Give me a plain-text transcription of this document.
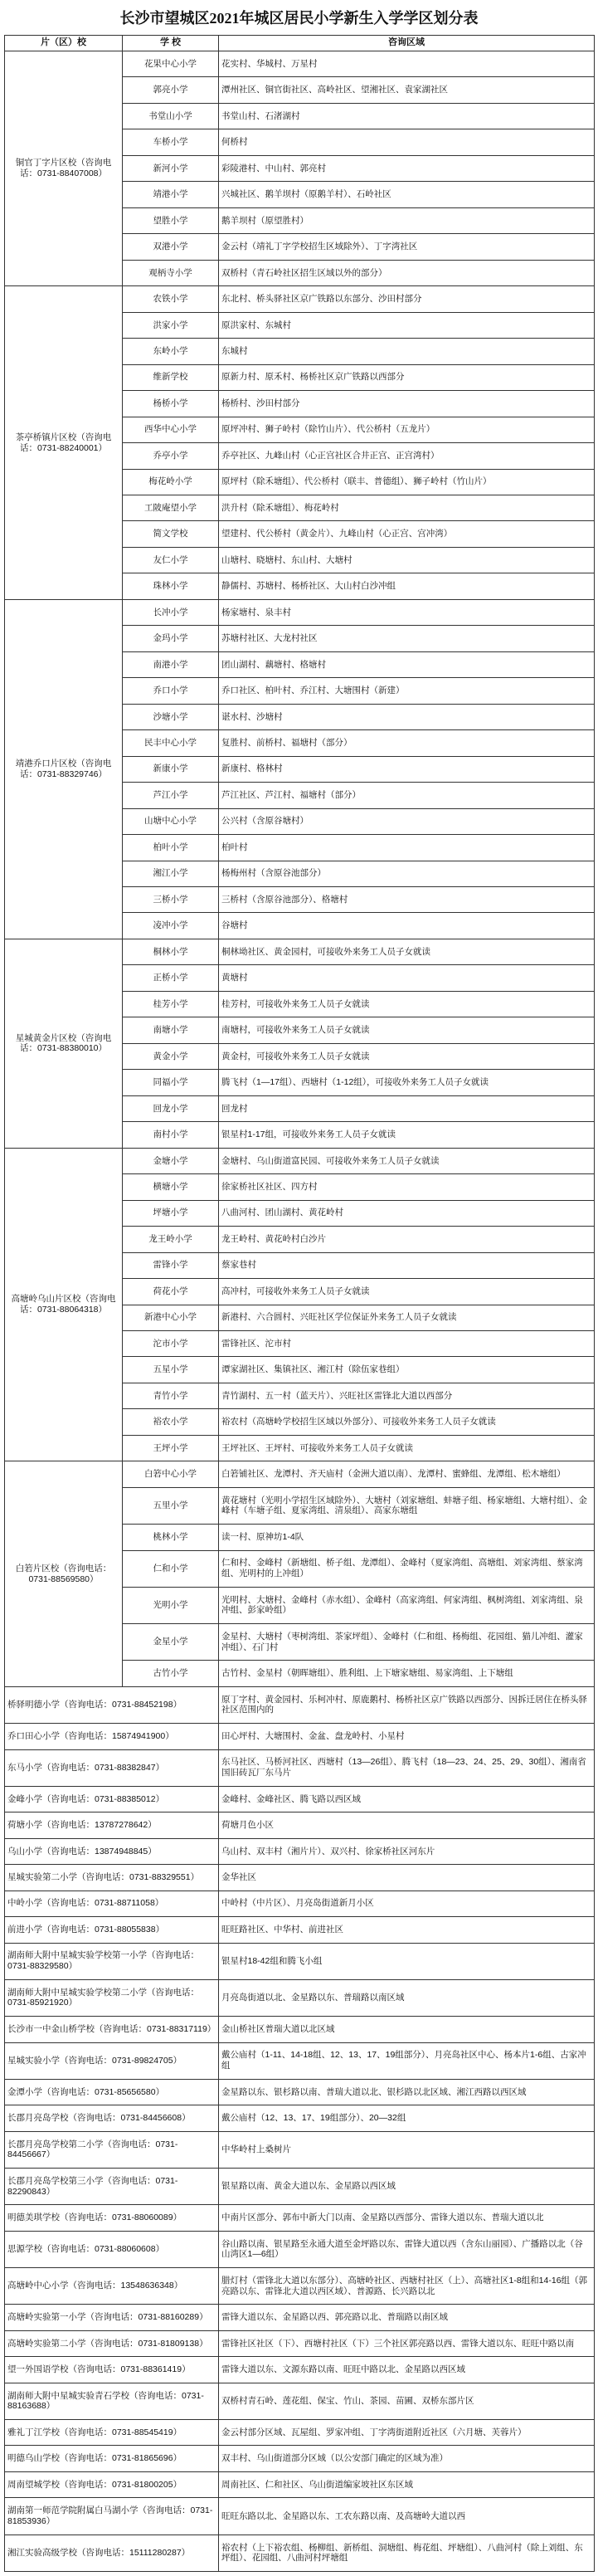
长沙市望城区2021年城区居民小学新生入学学区划分表
片（区）校	学 校	咨询区域
铜官丁字片区校（咨询电话：0731-88407008）	花果中心小学	花实村、华城村、万星村
	郭亮小学	潭州社区、铜官街社区、高岭社区、望湘社区、袁家湖社区
	书堂山小学	书堂山村、石渚湖村
	车桥小学	何桥村
	新河小学	彩陵港村、中山村、郭亮村
	靖港小学	兴城社区、鹅羊坝村（原鹅羊村）、石岭社区
	望胜小学	鹅羊坝村（原望胜村）
	双港小学	金云村（靖礼丁字学校招生区域除外）、丁字湾社区
	观柄寺小学	双桥村（青石岭社区招生区域以外的部分）
茶亭桥镇片区校（咨询电话：0731-88240001）	农铁小学	东北村、桥头驿社区京广铁路以东部分、沙田村部分
	洪家小学	原洪家村、东城村
	东岭小学	东城村
	维新学校	原新力村、原禾村、杨桥社区京广铁路以西部分
	杨桥小学	杨桥村、沙田村部分
	西华中心小学	原坪冲村、狮子岭村（除竹山片）、代公桥村（五龙片）
	乔亭小学	乔亭社区、九峰山村（心正宫社区合井正宫、正宫湾村）
	梅花岭小学	原坪村（除禾塘组）、代公桥村（联丰、普德组）、狮子岭村（竹山片）
	工陂庵望小学	洪升村（除禾塘组）、梅花岭村
	简文学校	望建村、代公桥村（黄金片）、九峰山村（心正宫、宫冲湾）
	友仁小学	山塘村、晓塘村、东山村、大塘村
	珠林小学	静儒村、苏塘村、杨桥社区、大山村白沙冲组
靖港乔口片区校（咨询电话：0731-88329746）	长冲小学	杨家塘村、泉丰村
	金玛小学	苏塘村社区、大龙村社区
	南港小学	团山湖村、藕塘村、格塘村
	乔口小学	乔口社区、柏叶村、乔江村、大塘围村（新建）
	沙塘小学	谌水村、沙塘村
	民丰中心小学	复胜村、前桥村、福塘村（部分）
	新康小学	新康村、格林村
	芦江小学	芦江社区、芦江村、福塘村（部分）
	山塘中心小学	公兴村（含原谷塘村）
	柏叶小学	柏叶村
	湘江小学	杨梅州村（含原谷池部分）
	三桥小学	三桥村（含原谷池部分）、格塘村
	凌冲小学	谷塘村
星城黄金片区校（咨询电话：0731-88380010）	桐林小学	桐林坳社区、黄金园村，可接收外来务工人员子女就读
	正桥小学	黄塘村
	桂芳小学	桂芳村，可接收外来务工人员子女就读
	南塘小学	南塘村，可接收外来务工人员子女就读
	黄金小学	黄金村，可接收外来务工人员子女就读
	同福小学	腾飞村（1—17组）、西塘村（1-12组），可接收外来务工人员子女就读
	回龙小学	回龙村
	南村小学	银星村1-17组，可接收外来务工人员子女就读
高塘岭乌山片区校（咨询电话：0731-88064318）	金塘小学	金塘村、乌山街道富民园、可接收外来务工人员子女就读
	横塘小学	徐家桥社区社区、四方村
	坪塘小学	八曲河村、团山湖村、黄花岭村
	龙王岭小学	龙王岭村、黄花岭村白沙片
	雷锋小学	蔡家巷村
	荷花小学	高冲村，可接收外来务工人员子女就读
	新港中心小学	新港村、六合圆村、兴旺社区学位保证外来务工人员子女就读
	沱市小学	雷锋社区、沱市村
	五星小学	谭家湖社区、集镇社区、湘江村（除伍家巷组）
	青竹小学	青竹湖村、五一村（蓝天片）、兴旺社区雷锋北大道以西部分
	裕农小学	裕农村（高塘岭学校招生区域以外部分）、可接收外来务工人员子女就读
	王坪小学	王坪社区、王坪村、可接收外来务工人员子女就读
白箬片区校（咨询电话：0731-88569580）	白箬中心小学	白箬铺社区、龙潭村、齐天庙村（金洲大道以南）、龙潭村、蜜蜂组、龙潭组、松木塘组）
	五里小学	黄花塘村（光明小学招生区域除外）、大塘村（刘家塘组、蚌塘子组、杨家塘组、大塘村组）、金峰村（车塘子组、夏家湾组、清泉组）、高家东塘组
	桃林小学	读一村、原神坊1-4队
	仁和小学	仁和村、金峰村（新塘组、桥子组、龙潭组）、金峰村（夏家湾组、高塘组、刘家湾组、蔡家湾组、光明村的上冲组）
	光明小学	光明村、大塘村、金峰村（赤水组）、金峰村（高家湾组、何家湾组、枫树湾组、刘家湾组、泉冲组、彭家岭组）
	金星小学	金星村、大塘村（枣树湾组、茶家坪组）、金峰村（仁和组、杨梅组、花园组、猫儿冲组、灌家冲组）、石门村
	古竹小学	古竹村、金星村（朝晖塘组）、胜利组、上下塘家塘组、易家湾组、上下塘组
桥驿明德小学（咨询电话：0731-88452198）		原丁字村、黄金园村、乐柯冲村、原鹿鹅村、杨桥社区京广铁路以西部分、因拆迁居住在桥头驿社区范围内的
乔口田心小学（咨询电话：15874941900）		田心坪村、大塘围村、金盆、盘龙岭村、小星村
东马小学（咨询电话：0731-88382847）		东马社区、马桥河社区、西塘村（13—26组）、腾飞村（18—23、24、25、29、30组）、湘南省国旧砖瓦厂东马片
金峰小学（咨询电话：0731-88385012）		金峰村、金峰社区、腾飞路以西区域
荷塘小学（咨询电话：13787278642）		荷塘月色小区
乌山小学（咨询电话：13874948845）		乌山村、双丰村（湘片片）、双兴村、徐家桥社区河东片
星城实验第二小学（咨询电话：0731-88329551）		金华社区
中岭小学（咨询电话：0731-88711058）		中岭村（中片区）、月亮岛街道新月小区
前进小学（咨询电话：0731-88055838）		旺旺路社区、中华村、前进社区
湖南师大附中星城实验学校第一小学（咨询电话：0731-88329580）		银星村18-42组和腾飞小组
湖南师大附中星城实验学校第二小学（咨询电话：0731-85921920）		月亮岛街道以北、金星路以东、普瑞路以南区域
长沙市一中金山桥学校（咨询电话：0731-88317119）		金山桥社区普瑞大道以北区域
星城实验小学（咨询电话：0731-89824705）		戴公庙村（1-11、14-18组、12、13、17、19组部分）、月亮岛社区中心、杨本片1-6组、古家冲组
金潭小学（咨询电话：0731-85656580）		金星路以东、银杉路以南、普瑞大道以北、银杉路以北区域、湘江西路以西区域
长郡月亮岛学校（咨询电话：0731-84456608）		戴公庙村（12、13、17、19组部分）、20—32组
长郡月亮岛学校第二小学（咨询电话：0731-84456667）		中华岭村上桑树片
长郡月亮岛学校第三小学（咨询电话：0731-82290843）		银星路以南、黄金大道以东、金星路以西区域
明德美琪学校（咨询电话：0731-88060089）		中南片区部分、郭布中新大门以南、金星路以西部分、雷锋大道以东、普瑞大道以北
思源学校（咨询电话：0731-88060608）		谷山路以南、银星路至永通大道至金坪路以东、雷锋大道以西（含东山丽园）、广播路以北（谷山湾区1—6组）
高塘岭中心小学（咨询电话：13548636348）		腊灯村（雷锋北大道以东部分）、高塘岭社区、西塘村社区（上）、高塘社区1-8组和14-16组（郭亮路以东、雷锋北大道以西区域）、普源路、长兴路以北
高塘岭实验第一小学（咨询电话：0731-88160289）		雷锋大道以东、金星路以西、郭亮路以北、普瑞路以南区域
高塘岭实验第二小学（咨询电话：0731-81809138）		雷锋社区社区（下）、西塘村社区（下）三个社区郭亮路以西、雷锋大道以东、旺旺中路以南
望一外国语学校（咨询电话：0731-88361419）		雷锋大道以东、文源东路以南、旺旺中路以北、金星路以西区域
湖南师大附中星城实验青石学校（咨询电话：0731-88163688）		双桥村青石岭、莲花组、保宝、竹山、茶园、苗圃、双桥东部片区
雅礼丁江学校（咨询电话：0731-88545419）		金云村部分区域、瓦屋组、罗家冲组、丁字湾街道附近社区（六月塘、芙蓉片）
明德乌山学校（咨询电话：0731-81865696）		双丰村、乌山街道部分区域（以公安部门确定的区域为准）
周南望城学校（咨询电话：0731-81800205）		周南社区、仁和社区、乌山街道编家坡社区东区域
湖南第一师范学院附属白马湖小学（咨询电话：0731-81853936）		旺旺东路以北、金星路以东、工农东路以南、及高塘岭大道以西
湘江实验高级学校（咨询电话：15111280287）		裕农村（上下裕农组、杨柳组、新桥组、洞塘组、梅花组、坪塘组）、八曲河村（除上刘组、东坪组）、花园组、八曲河村坪塘组
